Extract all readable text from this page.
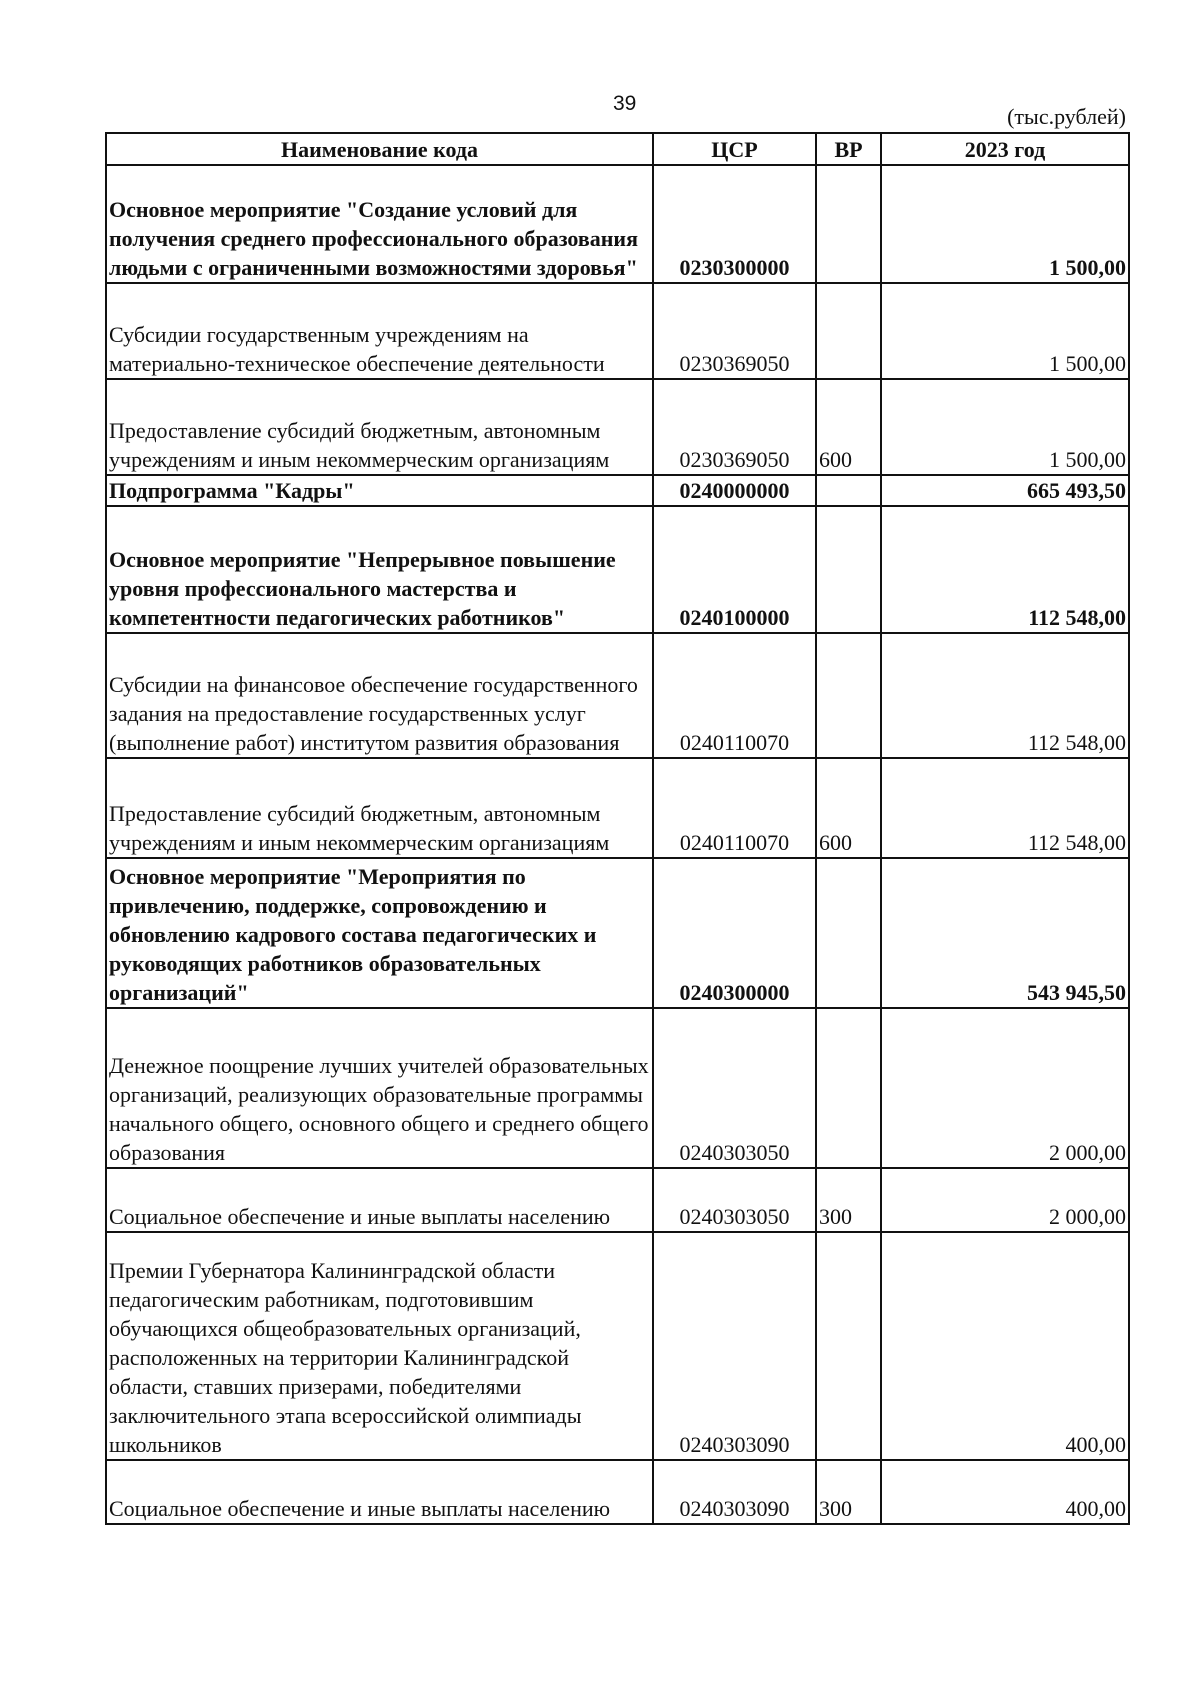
39
(тыс.рублей)
Наименование кода	ЦСР	ВР	2023 год
Основное мероприятие "Создание условий для получения среднего профессионального образования людьми с ограниченными возможностями здоровья"	0230300000		1 500,00
Субсидии государственным учреждениям на материально-техническое обеспечение деятельности	0230369050		1 500,00
Предоставление субсидий бюджетным, автономным учреждениям и иным некоммерческим организациям	0230369050	600	1 500,00
Подпрограмма "Кадры"	0240000000		665 493,50
Основное мероприятие "Непрерывное повышение уровня профессионального мастерства и компетентности педагогических работников"	0240100000		112 548,00
Субсидии на финансовое обеспечение государственного задания на предоставление государственных услуг (выполнение работ) институтом развития образования	0240110070		112 548,00
Предоставление субсидий бюджетным, автономным учреждениям и иным некоммерческим организациям	0240110070	600	112 548,00
Основное мероприятие "Мероприятия по привлечению, поддержке, сопровождению и обновлению кадрового состава педагогических и руководящих работников образовательных организаций"	0240300000		543 945,50
Денежное поощрение лучших учителей образовательных организаций, реализующих образовательные программы начального общего, основного общего и среднего общего образования	0240303050		2 000,00
Социальное обеспечение и иные выплаты населению	0240303050	300	2 000,00
Премии Губернатора Калининградской области педагогическим работникам, подготовившим обучающихся общеобразовательных организаций, расположенных на территории Калининградской области, ставших призерами, победителями заключительного этапа всероссийской олимпиады школьников	0240303090		400,00
Социальное обеспечение и иные выплаты населению	0240303090	300	400,00
